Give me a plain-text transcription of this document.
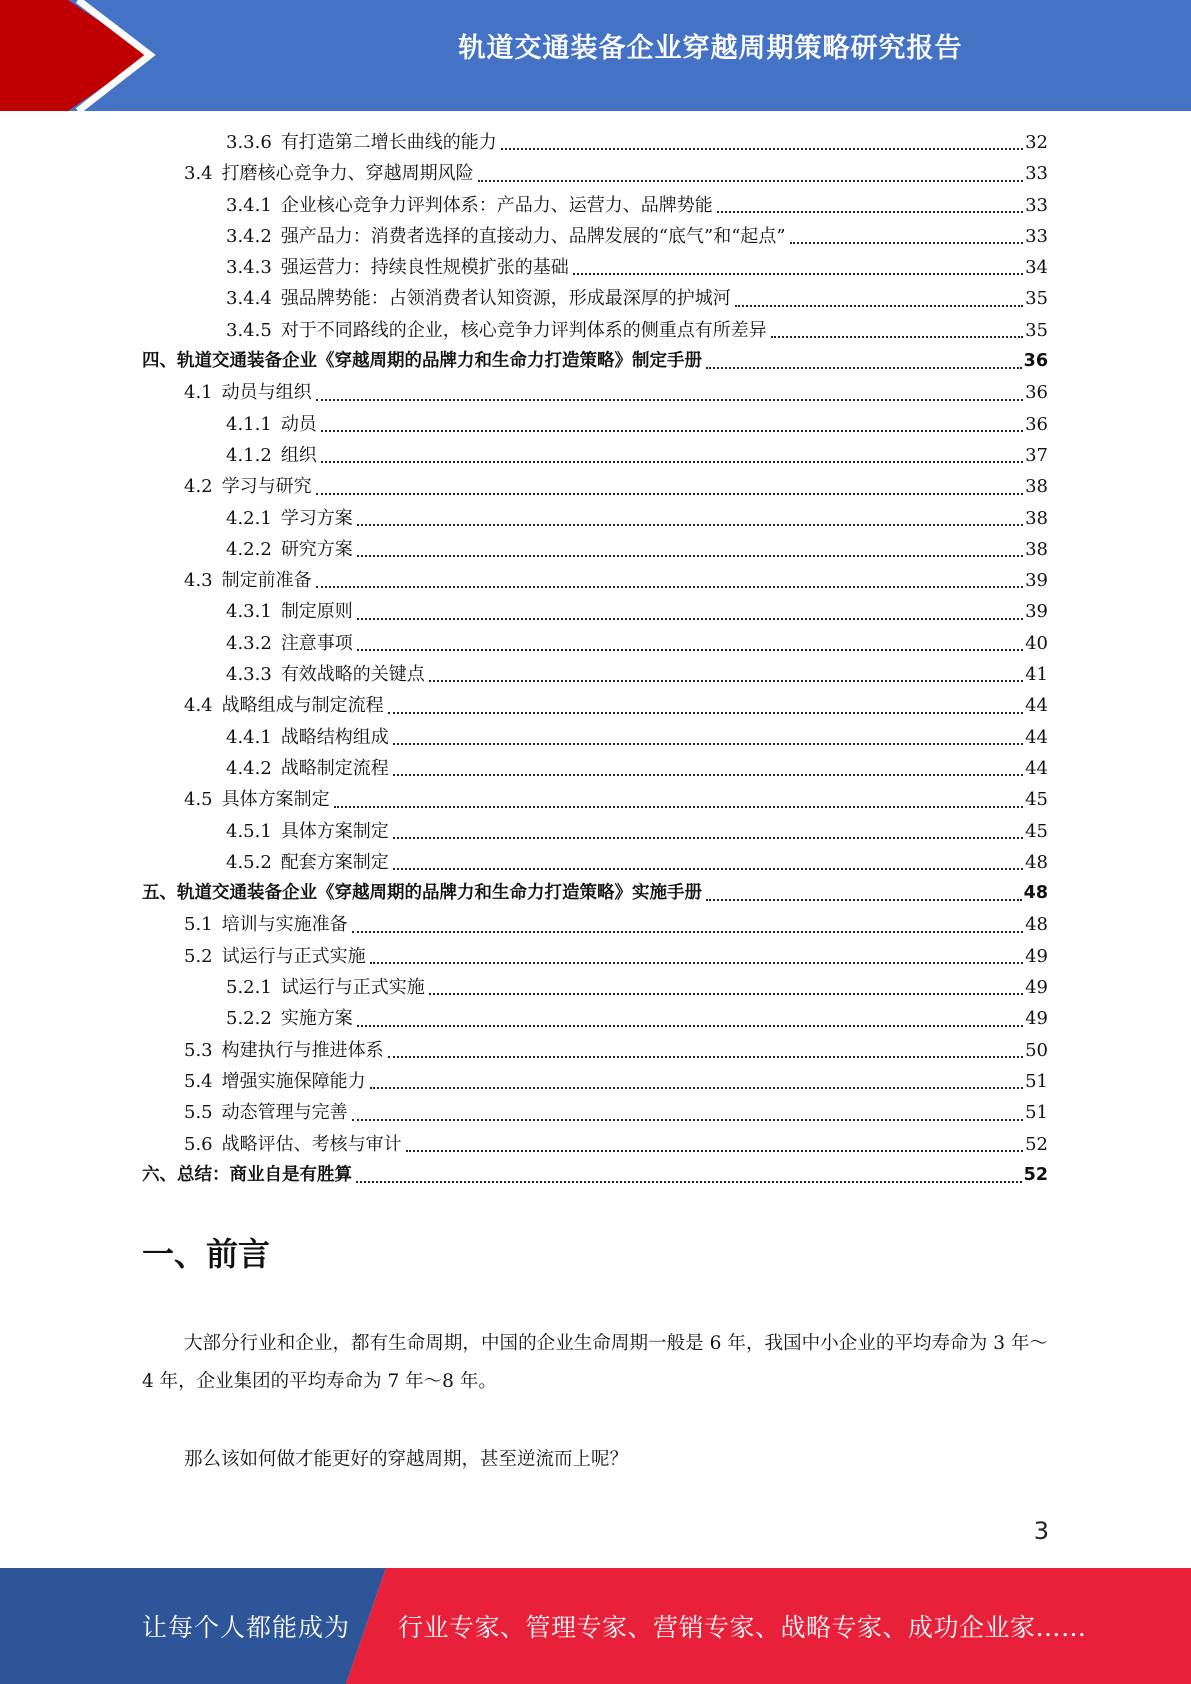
轨道交通装备企业穿越周期策略研究报告
3.3.6 有打造第二增长曲线的能力	32
3.4 打磨核心竞争力、穿越周期风险	33
3.4.1 企业核心竞争力评判体系：产品力、运营力、品牌势能	33
3.4.2 强产品力：消费者选择的直接动力、品牌发展的“底气”和“起点”	33
3.4.3 强运营力：持续良性规模扩张的基础	34
3.4.4 强品牌势能：占领消费者认知资源，形成最深厚的护城河	35
3.4.5 对于不同路线的企业，核心竞争力评判体系的侧重点有所差异	35
四、轨道交通装备企业《穿越周期的品牌力和生命力打造策略》制定手册	36
4.1 动员与组织	36
4.1.1 动员	36
4.1.2 组织	37
4.2 学习与研究	38
4.2.1 学习方案	38
4.2.2 研究方案	38
4.3 制定前准备	39
4.3.1 制定原则	39
4.3.2 注意事项	40
4.3.3 有效战略的关键点	41
4.4 战略组成与制定流程	44
4.4.1 战略结构组成	44
4.4.2 战略制定流程	44
4.5 具体方案制定	45
4.5.1 具体方案制定	45
4.5.2 配套方案制定	48
五、轨道交通装备企业《穿越周期的品牌力和生命力打造策略》实施手册	48
5.1 培训与实施准备	48
5.2 试运行与正式实施	49
5.2.1 试运行与正式实施	49
5.2.2 实施方案	49
5.3 构建执行与推进体系	50
5.4 增强实施保障能力	51
5.5 动态管理与完善	51
5.6 战略评估、考核与审计	52
六、总结：商业自是有胜算	52
一、前言
大部分行业和企业，都有生命周期，中国的企业生命周期一般是 6 年，我国中小企业的平均寿命为 3 年～4 年，企业集团的平均寿命为 7 年～8 年。
那么该如何做才能更好的穿越周期，甚至逆流而上呢？
3
让每个人都能成为 行业专家、管理专家、营销专家、战略专家、成功企业家……
